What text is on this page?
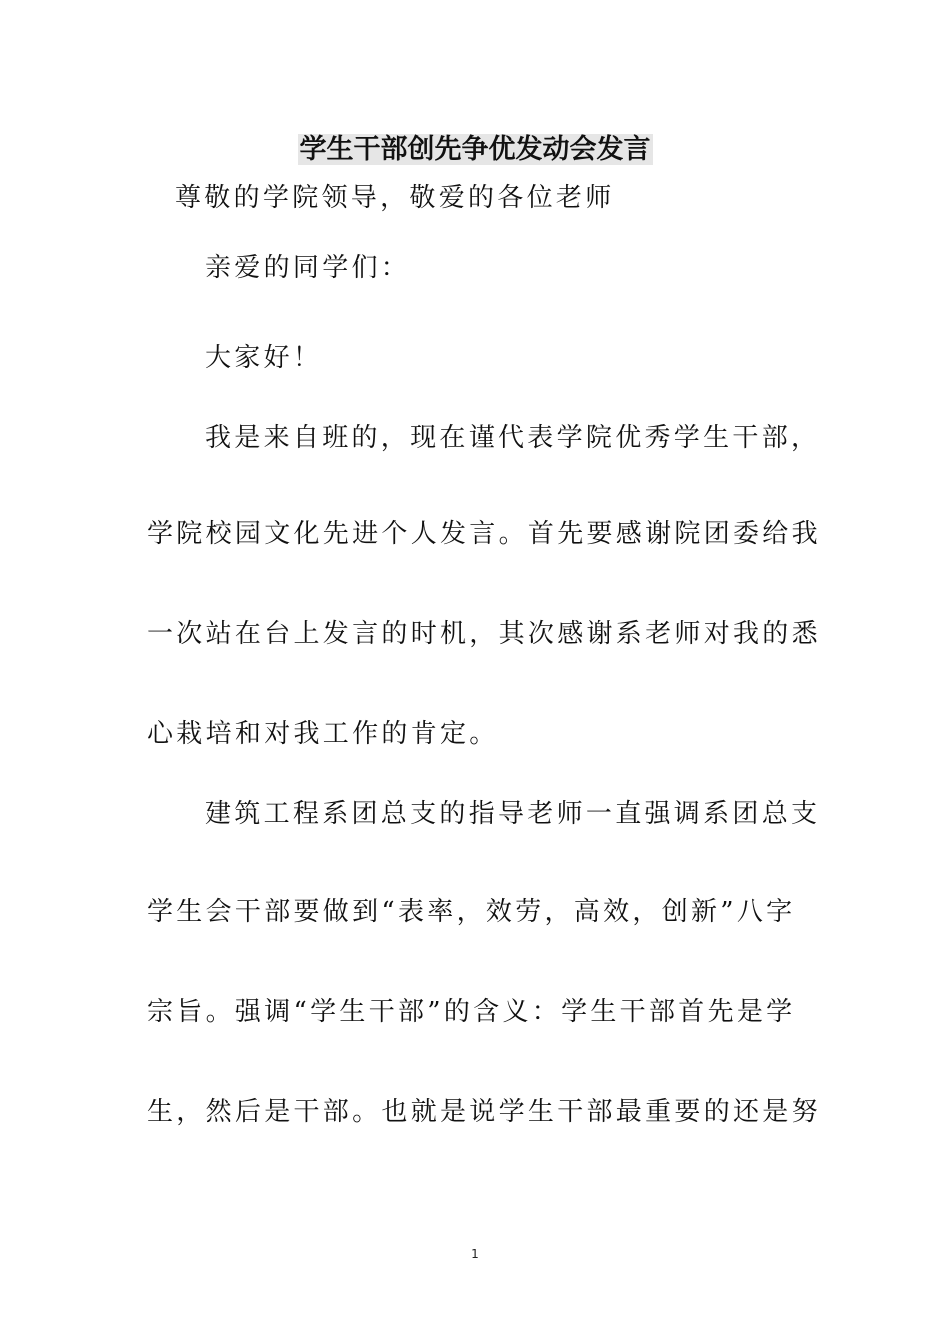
学生干部创先争优发动会发言
尊敬的学院领导，敬爱的各位老师
亲爱的同学们：
大家好！
我是来自班的，现在谨代表学院优秀学生干部，
学院校园文化先进个人发言。首先要感谢院团委给我
一次站在台上发言的时机，其次感谢系老师对我的悉
心栽培和对我工作的肯定。
建筑工程系团总支的指导老师一直强调系团总支
学生会干部要做到“表率，效劳，高效，创新”八字
宗旨。强调“学生干部”的含义：学生干部首先是学
生，然后是干部。也就是说学生干部最重要的还是努
1
